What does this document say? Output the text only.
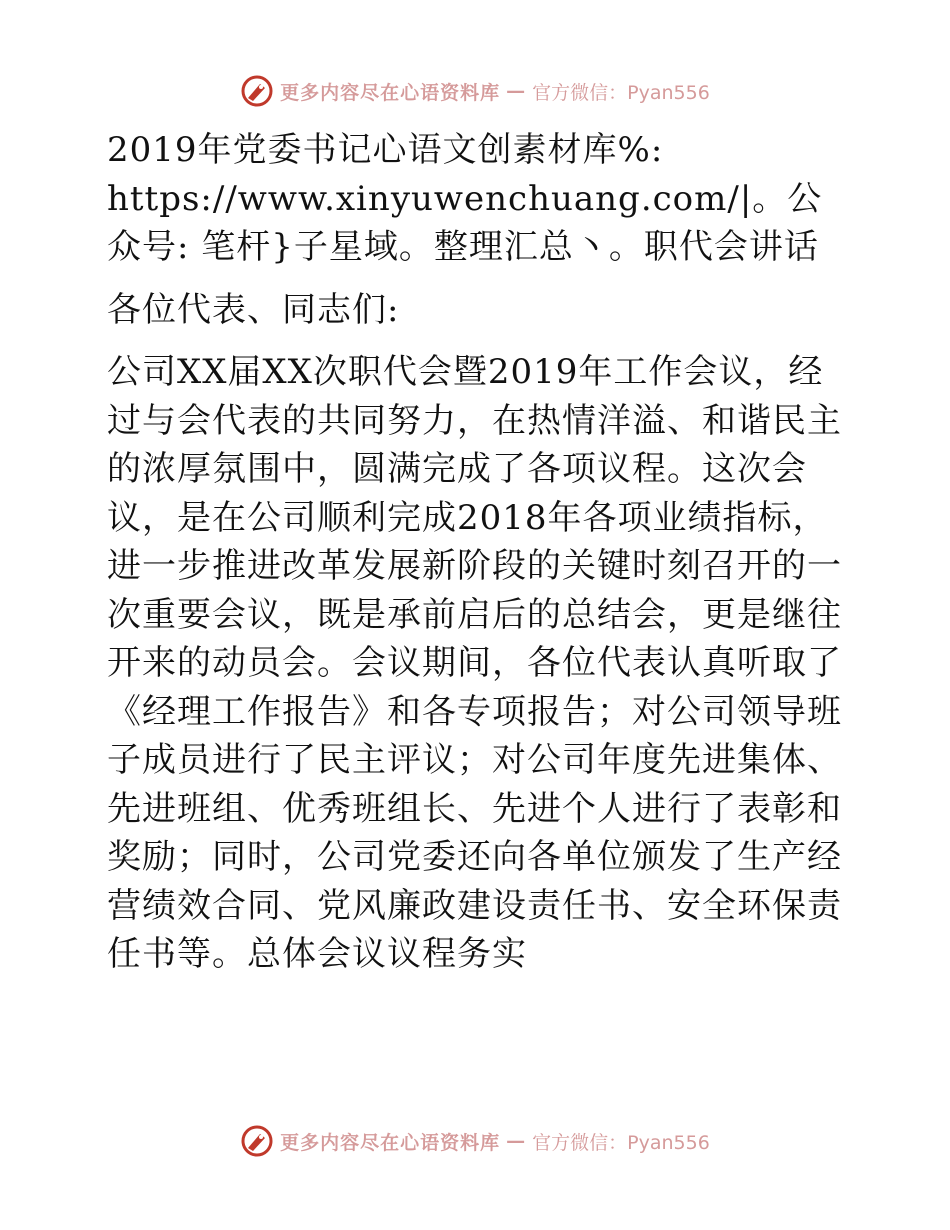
更多内容尽在心语资料库 — 官方微信：Pyan556

2019年党委书记心语文创素材库%: https://www.xinyuwenchuang.com/|。公众号: 笔杆}子星域。整理汇总丶。职代会讲话

各位代表、同志们:

公司XX届XX次职代会暨2019年工作会议，经过与会代表的共同努力，在热情洋溢、和谐民主的浓厚氛围中，圆满完成了各项议程。这次会议，是在公司顺利完成2018年各项业绩指标，进一步推进改革发展新阶段的关键时刻召开的一次重要会议，既是承前启后的总结会，更是继往开来的动员会。会议期间，各位代表认真听取了《经理工作报告》和各专项报告；对公司领导班子成员进行了民主评议；对公司年度先进集体、先进班组、优秀班组长、先进个人进行了表彰和奖励；同时，公司党委还向各单位颁发了生产经营绩效合同、党风廉政建设责任书、安全环保责任书等。总体会议议程务实

更多内容尽在心语资料库 — 官方微信：Pyan556
